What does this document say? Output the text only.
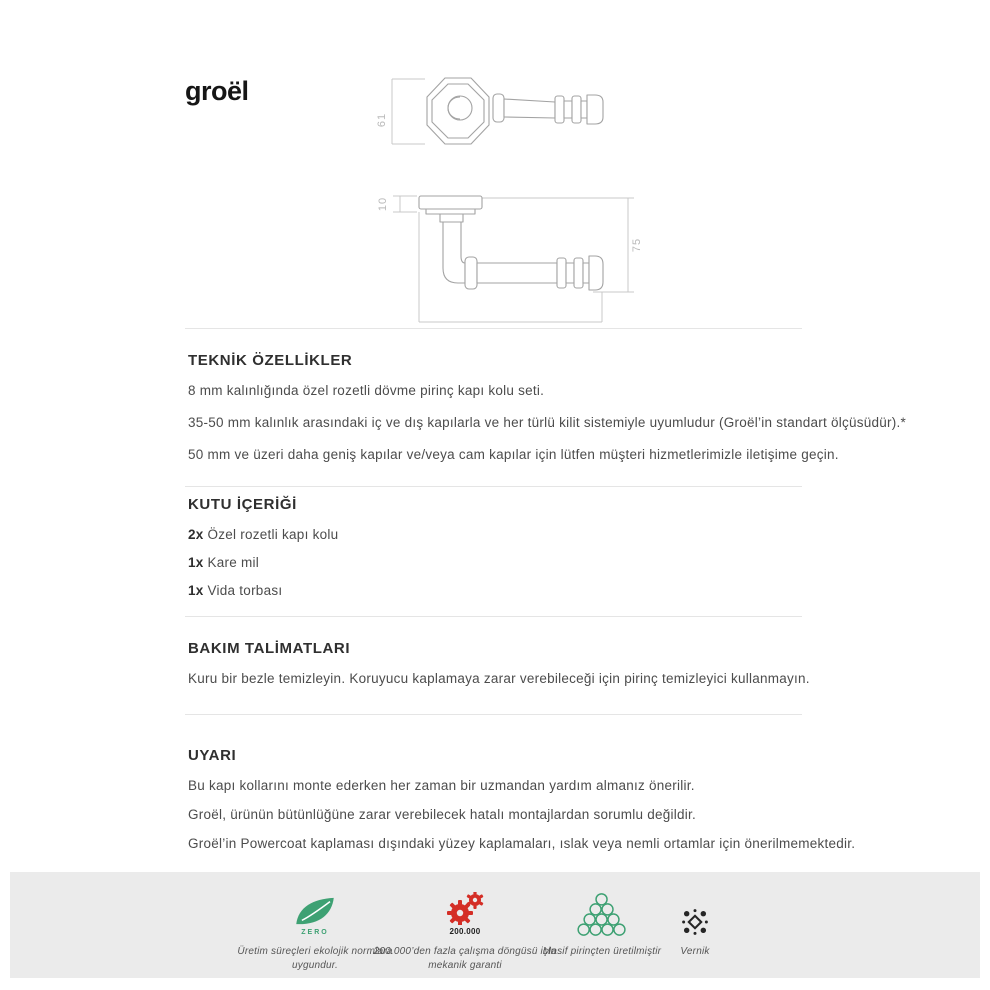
groël
61
10
75
TEKNİK ÖZELLİKLER

8 mm kalınlığında özel rozetli dövme pirinç kapı kolu seti.

35-50 mm kalınlık arasındaki iç ve dış kapılarla ve her türlü kilit sistemiyle uyumludur (Groël’in standart ölçüsüdür).*

50 mm ve üzeri daha geniş kapılar ve/veya cam kapılar için lütfen müşteri hizmetlerimizle iletişime geçin.

KUTU İÇERİĞİ
2x Özel rozetli kapı kolu
1x Kare mil
1x Vida torbası
BAKIM TALİMATLARI

Kuru bir bezle temizleyin. Koruyucu kaplamaya zarar verebileceği için pirinç temizleyici kullanmayın.

UYARI

Bu kapı kollarını monte ederken her zaman bir uzmandan yardım almanız önerilir.

Groël, ürünün bütünlüğüne zarar verebilecek hatalı montajlardan sorumlu değildir.

Groël’in Powercoat kaplaması dışındaki yüzey kaplamaları, ıslak veya nemli ortamlar için önerilmemektedir.

ZERO
Üretim süreçleri ekolojik normlara uygundur.
200.000
200.000’den fazla çalışma döngüsü için mekanik garanti
Masif pirinçten üretilmiştir	Vernik
